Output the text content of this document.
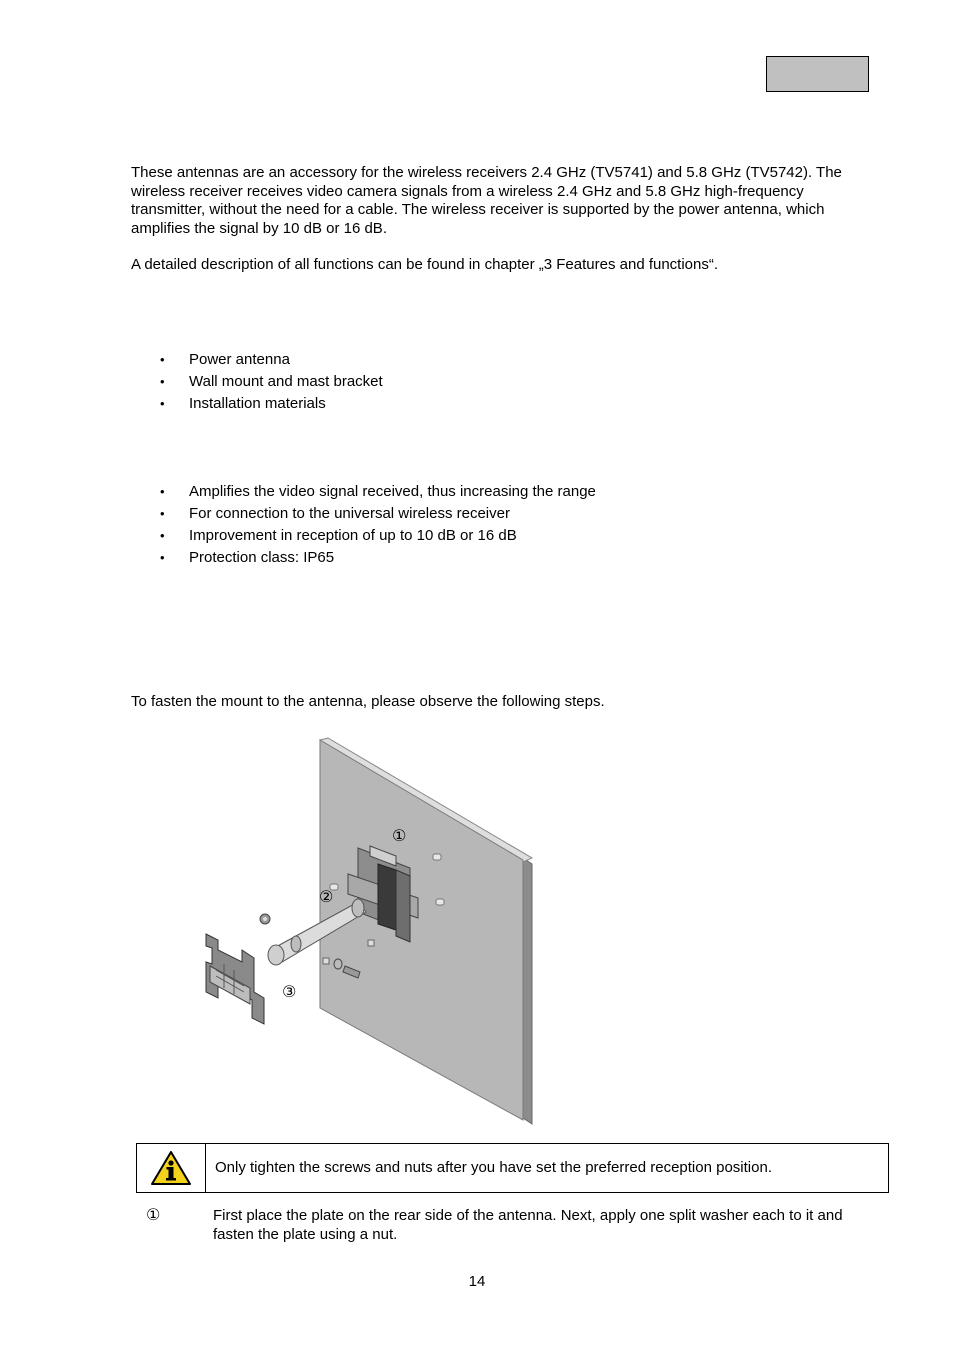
These antennas are an accessory for the wireless receivers 2.4 GHz (TV5741) and 5.8 GHz (TV5742). The wireless receiver receives video camera signals from a wireless 2.4 GHz and 5.8 GHz high-frequency transmitter, without the need for a cable. The wireless receiver is supported by the power antenna, which amplifies the signal by 10 dB or 16 dB.

A detailed description of all functions can be found in chapter „3 Features and functions“.

• Power antenna
• Wall mount and mast bracket
• Installation materials
• Amplifies the video signal received, thus increasing the range
• For connection to the universal wireless receiver
• Improvement in reception of up to 10 dB or 16 dB
• Protection class: IP65

To fasten the mount to the antenna, please observe the following steps.

①
②
③
Only tighten the screws and nuts after you have set the preferred reception position.
①	First place the plate on the rear side of the antenna. Next, apply one split washer each to it and fasten the plate using a nut.

14
